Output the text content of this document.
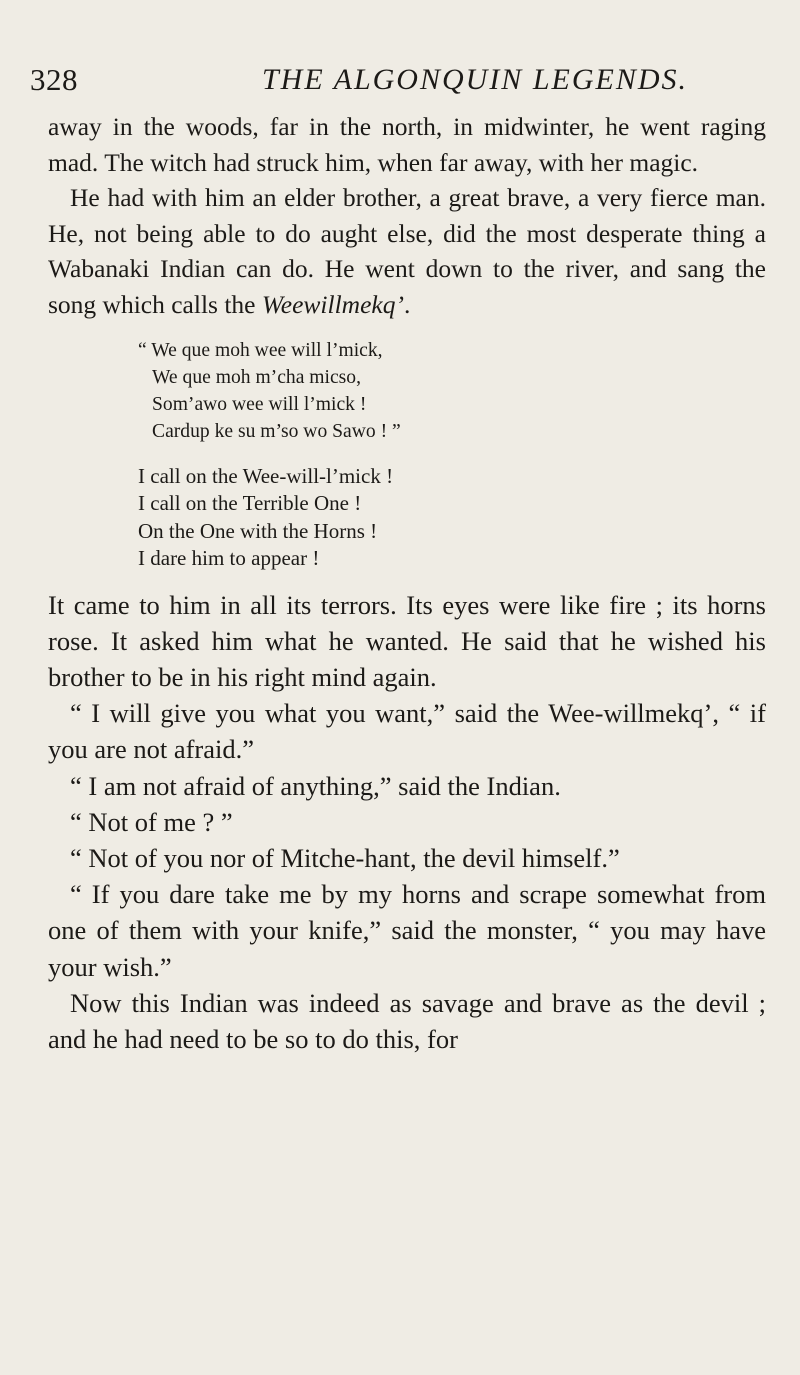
328	THE ALGONQUIN LEGENDS.

away in the woods, far in the north, in midwinter, he went raging mad. The witch had struck him, when far away, with her magic.

He had with him an elder brother, a great brave, a very fierce man. He, not being able to do aught else, did the most desperate thing a Wabanaki Indian can do. He went down to the river, and sang the song which calls the Weewillmekq’.

“ We que moh wee will l’mick,
We que moh m’cha micso,
Som’awo wee will l’mick !
Cardup ke su m’so wo Sawo ! ”
I call on the Wee-will-l’mick !
I call on the Terrible One !
On the One with the Horns !
I dare him to appear !

It came to him in all its terrors. Its eyes were like fire ; its horns rose. It asked him what he wanted. He said that he wished his brother to be in his right mind again.

“ I will give you what you want,” said the Wee-willmekq’, “ if you are not afraid.”

“ I am not afraid of anything,” said the Indian.

“ Not of me ? ”

“ Not of you nor of Mitche-hant, the devil himself.”

“ If you dare take me by my horns and scrape somewhat from one of them with your knife,” said the monster, “ you may have your wish.”

Now this Indian was indeed as savage and brave as the devil ; and he had need to be so to do this, for
